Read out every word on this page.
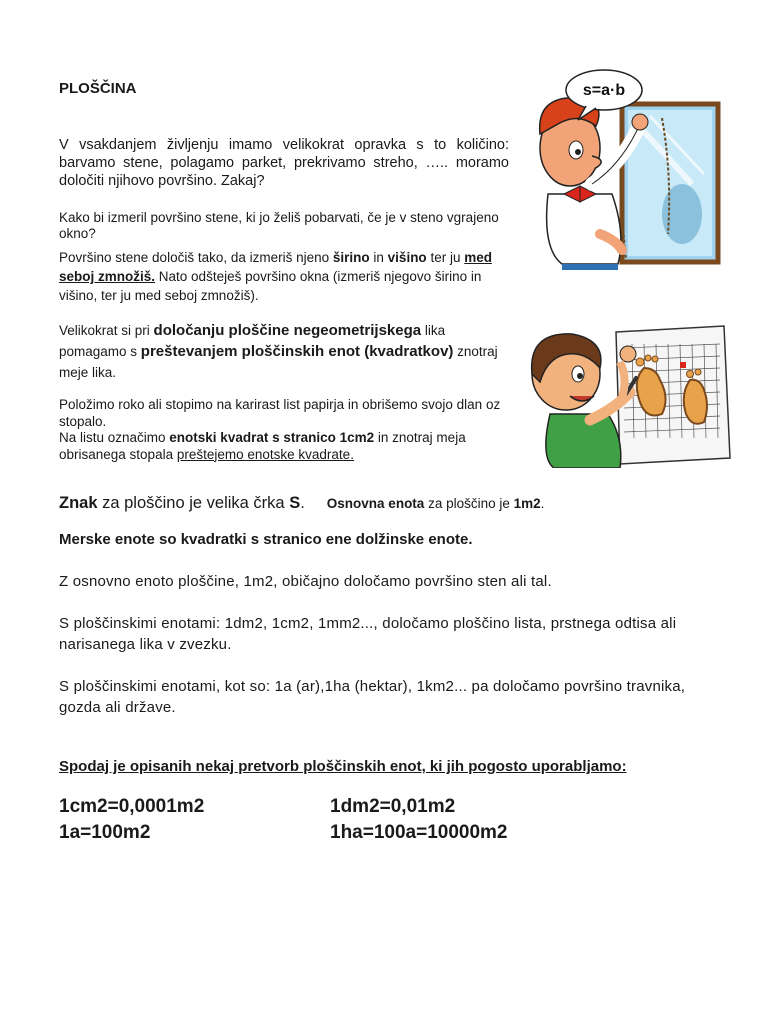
PLOŠČINA
V vsakdanjem življenju imamo velikokrat opravka s to količino: barvamo stene, polagamo parket, prekrivamo streho, ….. moramo določiti njihovo površino. Zakaj?
Kako bi izmeril površino stene, ki jo želiš pobarvati, če je v steno vgrajeno okno?
Površino stene določiš tako, da izmeriš njeno širino in višino ter ju med seboj zmnožiš. Nato odšteješ površino okna (izmeriš njegovo širino in višino, ter ju med seboj zmnožiš).
Velikokrat si pri določanju ploščine negeometrijskega lika pomagamo s preštevanjem ploščinskih enot (kvadratkov) znotraj meje lika.
Položimo roko ali stopimo na karirast list papirja in obrišemo svojo dlan oz stopalo.
Na listu označimo enotski kvadrat s stranico 1cm2 in znotraj meja obrisanega stopala preštejemo enotske kvadrate.
Znak za ploščino je velika črka S. Osnovna enota za ploščino je 1m2.
Merske enote so kvadratki s stranico ene dolžinske enote.
Z osnovno enoto ploščine, 1m2, običajno določamo površino sten ali tal.
S ploščinskimi enotami: 1dm2, 1cm2, 1mm2..., določamo ploščino lista, prstnega odtisa ali narisanega lika v zvezku.
S ploščinskimi enotami, kot so: 1a (ar),1ha (hektar), 1km2... pa določamo površino travnika, gozda ali države.
Spodaj je opisanih nekaj pretvorb ploščinskih enot, ki jih pogosto uporabljamo:
1cm2=0,0001m2	1dm2=0,01m2
1a=100m2	1ha=100a=10000m2
s=a·b
